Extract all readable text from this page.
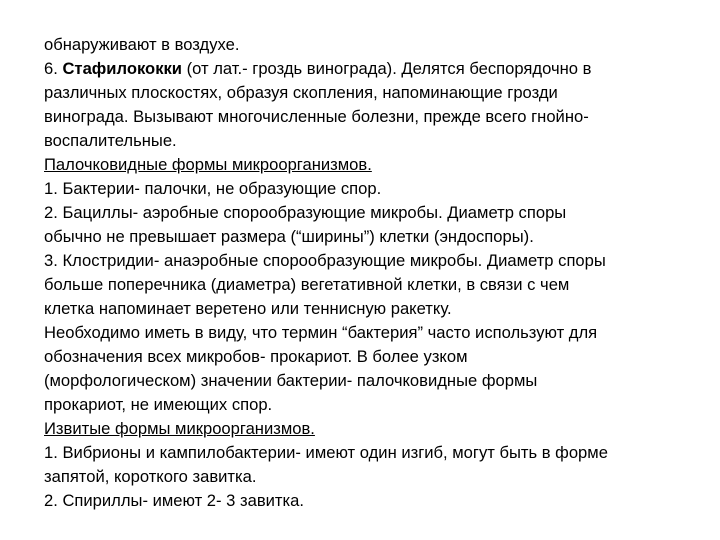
обнаруживают в воздухе.
6. Стафилококки (от лат.- гроздь винограда). Делятся беспорядочно в
различных плоскостях, образуя скопления, напоминающие грозди
винограда. Вызывают многочисленные болезни, прежде всего гнойно-
воспалительные.
Палочковидные формы микроорганизмов.
1. Бактерии- палочки, не образующие спор.
2. Бациллы- аэробные спорообразующие микробы. Диаметр споры
обычно не превышает размера (“ширины”) клетки (эндоспоры).
3. Клостридии- анаэробные спорообразующие микробы. Диаметр споры
больше поперечника (диаметра) вегетативной клетки, в связи с чем
клетка напоминает веретено или теннисную ракетку.
Необходимо иметь в виду, что термин “бактерия” часто используют для
обозначения всех микробов- прокариот. В более узком
(морфологическом) значении бактерии- палочковидные формы
прокариот, не имеющих спор.
Извитые формы микроорганизмов.
1. Вибрионы и кампилобактерии- имеют один изгиб, могут быть в форме
запятой, короткого завитка.
2. Спириллы- имеют 2- 3 завитка.
